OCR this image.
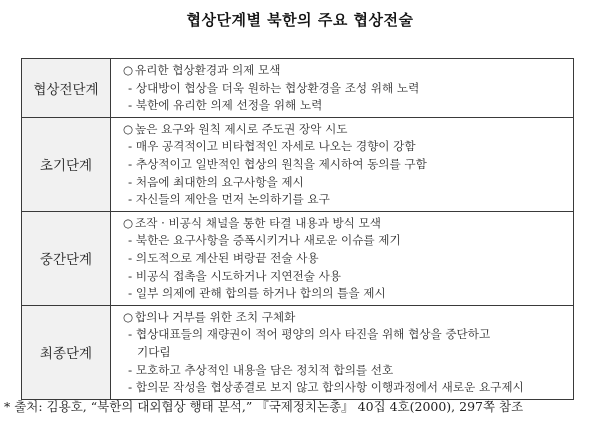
협상단계별 북한의 주요 협상전술
협상전단계	○ 유리한 협상환경과 의제 모색
- 상대방이 협상을 더욱 원하는 협상환경을 조성 위해 노력
- 북한에 유리한 의제 선정을 위해 노력

초기단계	○ 높은 요구와 원칙 제시로 주도권 장악 시도
- 매우 공격적이고 비타협적인 자세로 나오는 경향이 강함
- 추상적이고 일반적인 협상의 원칙을 제시하여 동의를 구함
- 처음에 최대한의 요구사항을 제시
- 자신들의 제안을 먼저 논의하기를 요구

중간단계	○ 조작 · 비공식 채널을 통한 타결 내용과 방식 모색
- 북한은 요구사항을 증폭시키거나 새로운 이슈를 제기
- 의도적으로 계산된 벼랑끝 전술 사용
- 비공식 접촉을 시도하거나 지연전술 사용
- 일부 의제에 관해 합의를 하거나 합의의 틀을 제시

최종단계	○ 합의나 거부를 위한 조치 구체화
- 협상대표들의 재량권이 적어 평양의 의사 타진을 위해 협상을 중단하고
기다림
- 모호하고 추상적인 내용을 담은 정치적 합의를 선호
- 합의문 작성을 협상종결로 보지 않고 합의사항 이행과정에서 새로운 요구제시
* 출처: 김용호, “북한의 대외협상 행태 분석,” 『국제정치논총』 40집 4호(2000), 297쪽 참조
